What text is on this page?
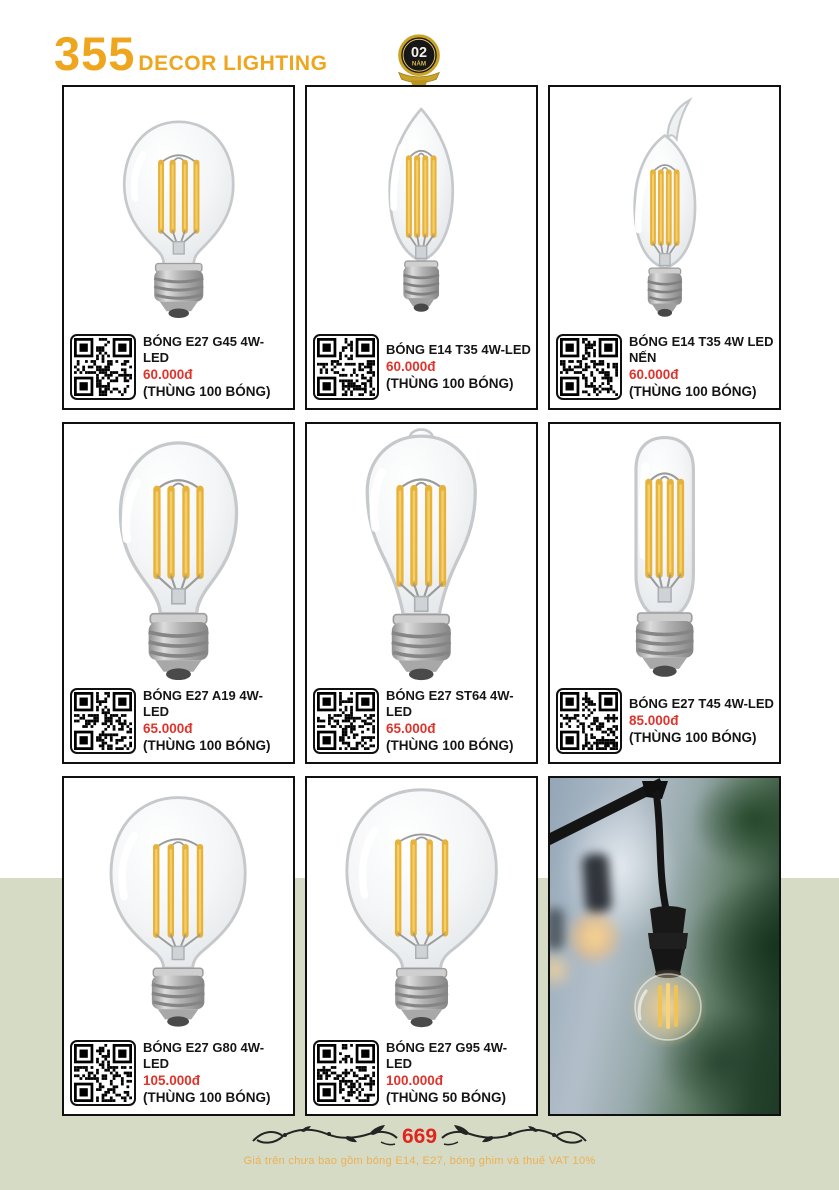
355 DECOR LIGHTING	02
NĂM
BÓNG E27 G45 4W-LED
60.000đ
(THÙNG 100 BÓNG)
BÓNG E14 T35 4W-LED
60.000đ
(THÙNG 100 BÓNG)
BÓNG E14 T35 4W LED NẾN
60.000đ
(THÙNG 100 BÓNG)
BÓNG E27 A19 4W-LED
65.000đ
(THÙNG 100 BÓNG)
BÓNG E27 ST64 4W-LED
65.000đ
(THÙNG 100 BÓNG)
BÓNG E27 T45 4W-LED
85.000đ
(THÙNG 100 BÓNG)
BÓNG E27 G80 4W-LED
105.000đ
(THÙNG 100 BÓNG)
BÓNG E27 G95 4W-LED
100.000đ
(THÙNG 50 BÓNG)
669
Giá trên chưa bao gồm bóng E14, E27, bóng ghim và thuế VAT 10%
